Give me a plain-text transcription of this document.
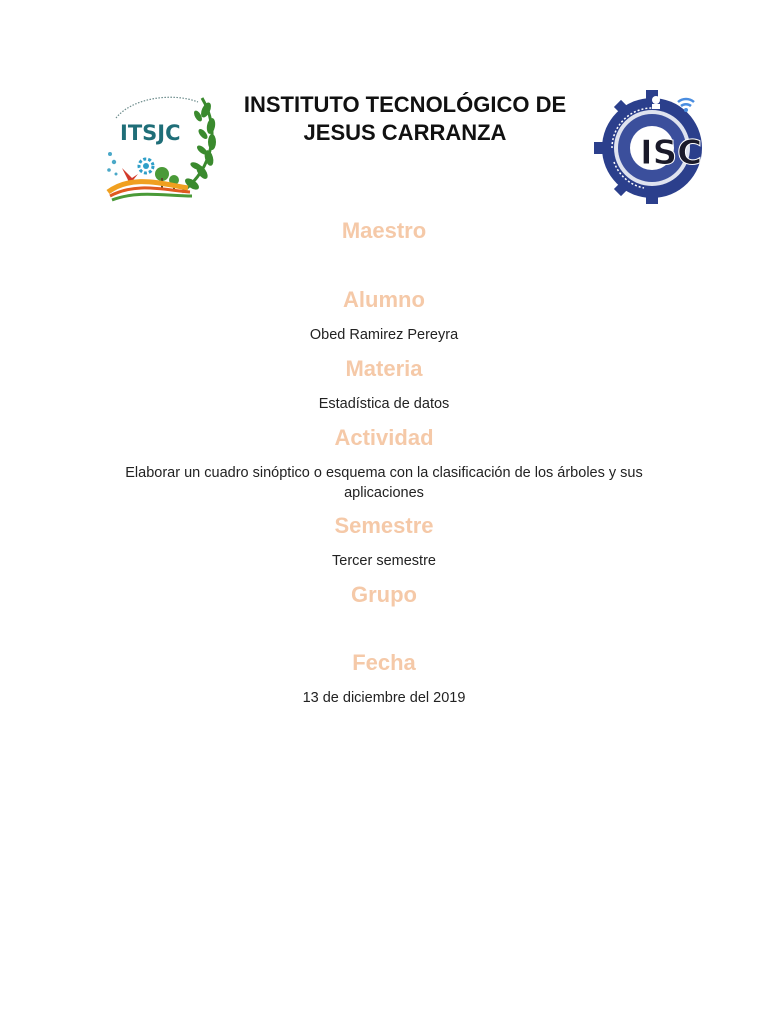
ITSJC
INSTITUTO TECNOLÓGICO DE
JESUS CARRANZA
ISC
Maestro
Alumno

Obed Ramirez Pereyra

Materia

Estadística de datos

Actividad

Elaborar un cuadro sinóptico o esquema con la clasificación de los árboles y sus aplicaciones

Semestre

Tercer semestre

Grupo
Fecha

13 de diciembre del 2019
